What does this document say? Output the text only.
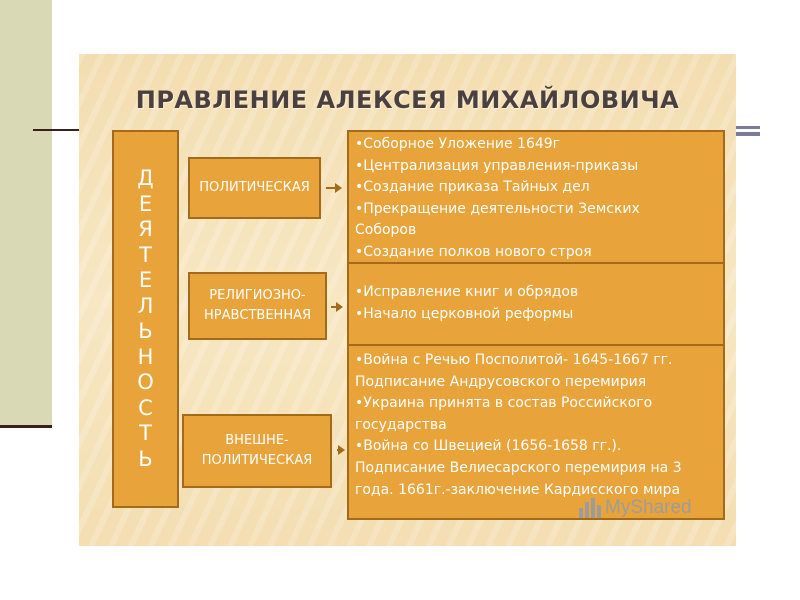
ПРАВЛЕНИЕ АЛЕКСЕЯ МИХАЙЛОВИЧА
Д
Е
Я
Т
Е
Л
Ь
Н
О
С
Т
Ь
ПОЛИТИЧЕСКАЯ
РЕЛИГИОЗНО-
НРАВСТВЕННАЯ
ВНЕШНЕ-
ПОЛИТИЧЕСКАЯ
•Соборное Уложение 1649г
•Централизация управления-приказы
•Создание приказа Тайных дел
•Прекращение деятельности Земских
Соборов
•Создание полков нового строя
•Исправление книг и обрядов
•Начало церковной реформы
•Война с Речью Посполитой- 1645-1667 гг.
Подписание Андрусовского перемирия
•Украина принята в состав Российского
государства
•Война со Швецией (1656-1658 гг.).
Подписание Велиесарского перемирия на 3
года. 1661г.-заключение Кардисского мира
MyShared
